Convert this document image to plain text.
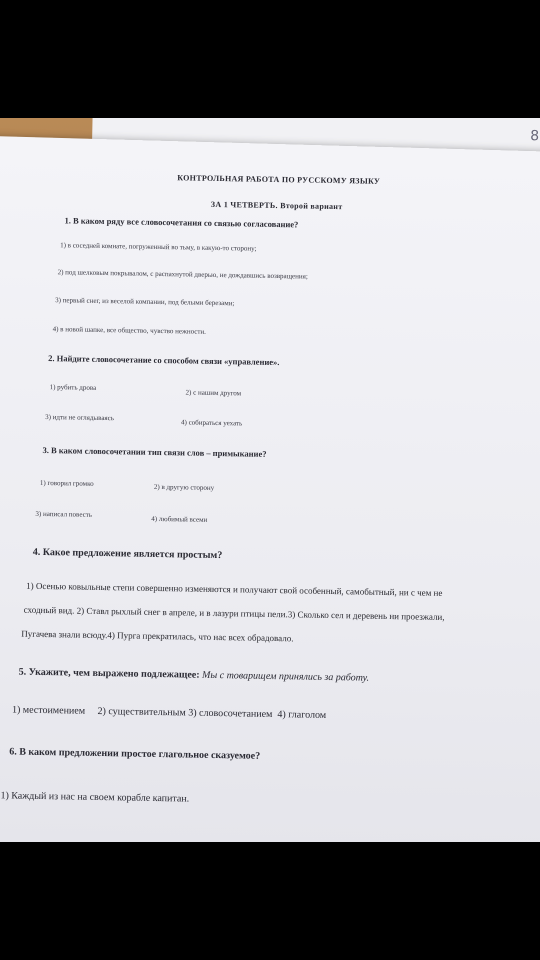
8
КОНТРОЛЬНАЯ РАБОТА ПО РУССКОМУ ЯЗЫКУ
ЗА 1 ЧЕТВЕРТЬ. Второй вариант
1. В каком ряду все словосочетания со связью согласование?
1) в соседней комнате, погруженный во тьму, в какую-то сторону;
2) под шелковым покрывалом, с распахнутой дверью, не дождавшись возвращения;
3) первый снег, из веселой компании, под белыми березами;
4) в новой шапке, все общество, чувство нежности.
2. Найдите словосочетание со способом связи «управление».
1) рубить дрова
2) с нашим другом
3) идти не оглядываясь
4) собираться уехать
3. В каком словосочетании тип связи слов – примыкание?
1) говорил громко	2) в другую сторону
3) написал повесть
4) любимый всеми
4. Какое предложение является простым?
1) Осенью ковыльные степи совершенно изменяются и получают свой особенный, самобытный, ни с чем не
сходный вид. 2) Ставл рыхлый снег в апреле, и в лазури птицы пели.3) Сколько сел и деревень ни проезжали,
Пугачева знали всюду.4) Пурга прекратилась, что нас всех обрадовало.
5. Укажите, чем выражено подлежащее: Мы с товарищем принялись за работу.
1) местоимением     2) существительным 3) словосочетанием  4) глаголом
6. В каком предложении простое глагольное сказуемое?
1) Каждый из нас на своем корабле капитан.
